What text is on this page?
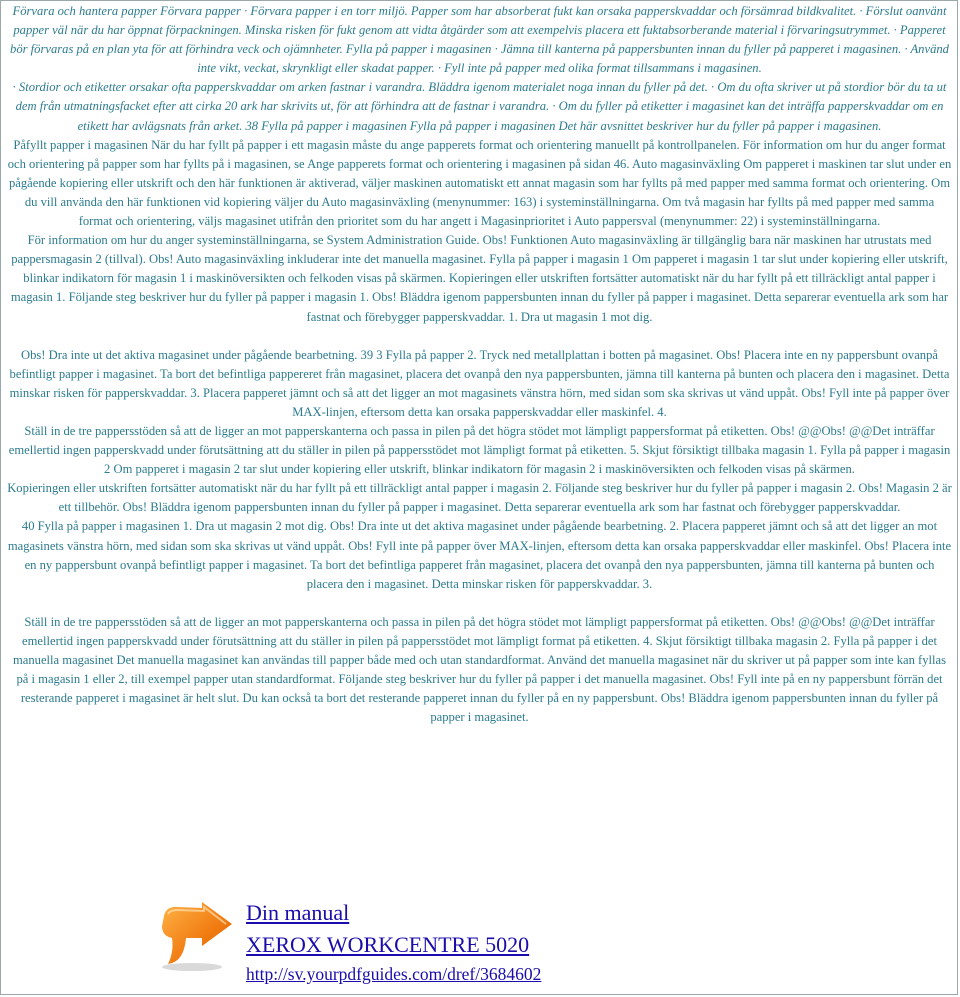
Förvara och hantera papper Förvara papper · Förvara papper i en torr miljö. Papper som har absorberat fukt kan orsaka papperskvaddar och försämrad bildkvalitet. · Förslut oanvänt papper väl när du har öppnat förpackningen. Minska risken för fukt genom att vidta åtgärder som att exempelvis placera ett fuktabsorberande material i förvaringsutrymmet. · Papperet bör förvaras på en plan yta för att förhindra veck och ojämnheter. Fylla på papper i magasinen · Jämna till kanterna på pappersbunten innan du fyller på papperet i magasinen. · Använd inte vikt, veckat, skrynkligt eller skadat papper. · Fyll inte på papper med olika format tillsammans i magasinen.

· Stordior och etiketter orsakar ofta papperskvaddar om arken fastnar i varandra. Bläddra igenom materialet noga innan du fyller på det. · Om du ofta skriver ut på stordior bör du ta ut dem från utmatningsfacket efter att cirka 20 ark har skrivits ut, för att förhindra att de fastnar i varandra. · Om du fyller på etiketter i magasinet kan det inträffa papperskvaddar om en etikett har avlägsnats från arket. 38 Fylla på papper i magasinen Fylla på papper i magasinen Det här avsnittet beskriver hur du fyller på papper i magasinen.

Påfyllt papper i magasinen När du har fyllt på papper i ett magasin måste du ange papperets format och orientering manuellt på kontrollpanelen. För information om hur du anger format och orientering på papper som har fyllts på i magasinen, se Ange papperets format och orientering i magasinen på sidan 46. Auto magasinväxling Om papperet i maskinen tar slut under en pågående kopiering eller utskrift och den här funktionen är aktiverad, väljer maskinen automatiskt ett annat magasin som har fyllts på med papper med samma format och orientering. Om du vill använda den här funktionen vid kopiering väljer du Auto magasinväxling (menynummer: 163) i systeminställningarna. Om två magasin har fyllts på med papper med samma format och orientering, väljs magasinet utifrån den prioritet som du har angett i Magasinprioritet i Auto pappersval (menynummer: 22) i systeminställningarna.

För information om hur du anger systeminställningarna, se System Administration Guide. Obs! Funktionen Auto magasinväxling är tillgänglig bara när maskinen har utrustats med pappersmagasin 2 (tillval). Obs! Auto magasinväxling inkluderar inte det manuella magasinet. Fylla på papper i magasin 1 Om papperet i magasin 1 tar slut under kopiering eller utskrift, blinkar indikatorn för magasin 1 i maskinöversikten och felkoden visas på skärmen. Kopieringen eller utskriften fortsätter automatiskt när du har fyllt på ett tillräckligt antal papper i magasin 1. Följande steg beskriver hur du fyller på papper i magasin 1. Obs! Bläddra igenom pappersbunten innan du fyller på papper i magasinet. Detta separerar eventuella ark som har fastnat och förebygger papperskvaddar. 1. Dra ut magasin 1 mot dig.

Obs! Dra inte ut det aktiva magasinet under pågående bearbetning. 39 3 Fylla på papper 2. Tryck ned metallplattan i botten på magasinet. Obs! Placera inte en ny pappersbunt ovanpå befintligt papper i magasinet. Ta bort det befintliga pappereret från magasinet, placera det ovanpå den nya pappersbunten, jämna till kanterna på bunten och placera den i magasinet. Detta minskar risken för papperskvaddar. 3. Placera papperet jämnt och så att det ligger an mot magasinets vänstra hörn, med sidan som ska skrivas ut vänd uppåt. Obs! Fyll inte på papper över MAX-linjen, eftersom detta kan orsaka papperskvaddar eller maskinfel. 4.

Ställ in de tre pappersstöden så att de ligger an mot papperskanterna och passa in pilen på det högra stödet mot lämpligt pappersformat på etiketten. Obs! @@Obs! @@Det inträffar emellertid ingen papperskvadd under förutsättning att du ställer in pilen på pappersstödet mot lämpligt format på etiketten. 5. Skjut försiktigt tillbaka magasin 1. Fylla på papper i magasin 2 Om papperet i magasin 2 tar slut under kopiering eller utskrift, blinkar indikatorn för magasin 2 i maskinöversikten och felkoden visas på skärmen.

Kopieringen eller utskriften fortsätter automatiskt när du har fyllt på ett tillräckligt antal papper i magasin 2. Följande steg beskriver hur du fyller på papper i magasin 2. Obs! Magasin 2 är ett tillbehör. Obs! Bläddra igenom pappersbunten innan du fyller på papper i magasinet. Detta separerar eventuella ark som har fastnat och förebygger papperskvaddar.

40 Fylla på papper i magasinen 1. Dra ut magasin 2 mot dig. Obs! Dra inte ut det aktiva magasinet under pågående bearbetning. 2. Placera papperet jämnt och så att det ligger an mot magasinets vänstra hörn, med sidan som ska skrivas ut vänd uppåt. Obs! Fyll inte på papper över MAX-linjen, eftersom detta kan orsaka papperskvaddar eller maskinfel. Obs! Placera inte en ny pappersbunt ovanpå befintligt papper i magasinet. Ta bort det befintliga papperet från magasinet, placera det ovanpå den nya pappersbunten, jämna till kanterna på bunten och placera den i magasinet. Detta minskar risken för papperskvaddar. 3.

Ställ in de tre pappersstöden så att de ligger an mot papperskanterna och passa in pilen på det högra stödet mot lämpligt pappersformat på etiketten. Obs! @@Obs! @@Det inträffar emellertid ingen papperskvadd under förutsättning att du ställer in pilen på pappersstödet mot lämpligt format på etiketten. 4. Skjut försiktigt tillbaka magasin 2. Fylla på papper i det manuella magasinet Det manuella magasinet kan användas till papper både med och utan standardformat. Använd det manuella magasinet när du skriver ut på papper som inte kan fyllas på i magasin 1 eller 2, till exempel papper utan standardformat. Följande steg beskriver hur du fyller på papper i det manuella magasinet. Obs! Fyll inte på en ny pappersbunt förrän det resterande papperet i magasinet är helt slut. Du kan också ta bort det resterande papperet innan du fyller på en ny pappersbunt. Obs! Bläddra igenom pappersbunten innan du fyller på papper i magasinet.

Din manual
XEROX WORKCENTRE 5020
http://sv.yourpdfguides.com/dref/3684602
